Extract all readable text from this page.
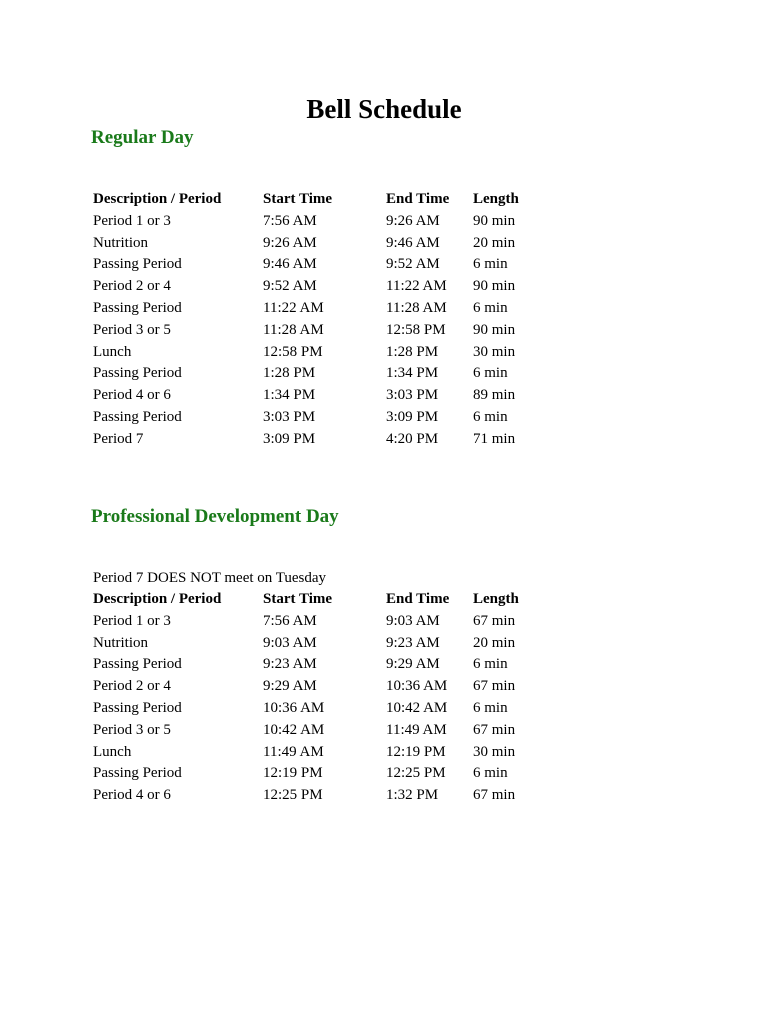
Bell Schedule
Regular Day
Description / Period	Start Time	End Time	Length
Period 1 or 3	7:56 AM	9:26 AM	90 min
Nutrition	9:26 AM	9:46 AM	20 min
Passing Period	9:46 AM	9:52 AM	6 min
Period 2 or 4	9:52 AM	11:22 AM	90 min
Passing Period	11:22 AM	11:28 AM	6 min
Period 3 or 5	11:28 AM	12:58 PM	90 min
Lunch	12:58 PM	1:28 PM	30 min
Passing Period	1:28 PM	1:34 PM	6 min
Period 4 or 6	1:34 PM	3:03 PM	89 min
Passing Period	3:03 PM	3:09 PM	6 min
Period 7	3:09 PM	4:20 PM	71 min
Professional Development Day
Period 7 DOES NOT meet on Tuesday
Description / Period	Start Time	End Time	Length
Period 1 or 3	7:56 AM	9:03 AM	67 min
Nutrition	9:03 AM	9:23 AM	20 min
Passing Period	9:23 AM	9:29 AM	6 min
Period 2 or 4	9:29 AM	10:36 AM	67 min
Passing Period	10:36 AM	10:42 AM	6 min
Period 3 or 5	10:42 AM	11:49 AM	67 min
Lunch	11:49 AM	12:19 PM	30 min
Passing Period	12:19 PM	12:25 PM	6 min
Period 4 or 6	12:25 PM	1:32 PM	67 min
